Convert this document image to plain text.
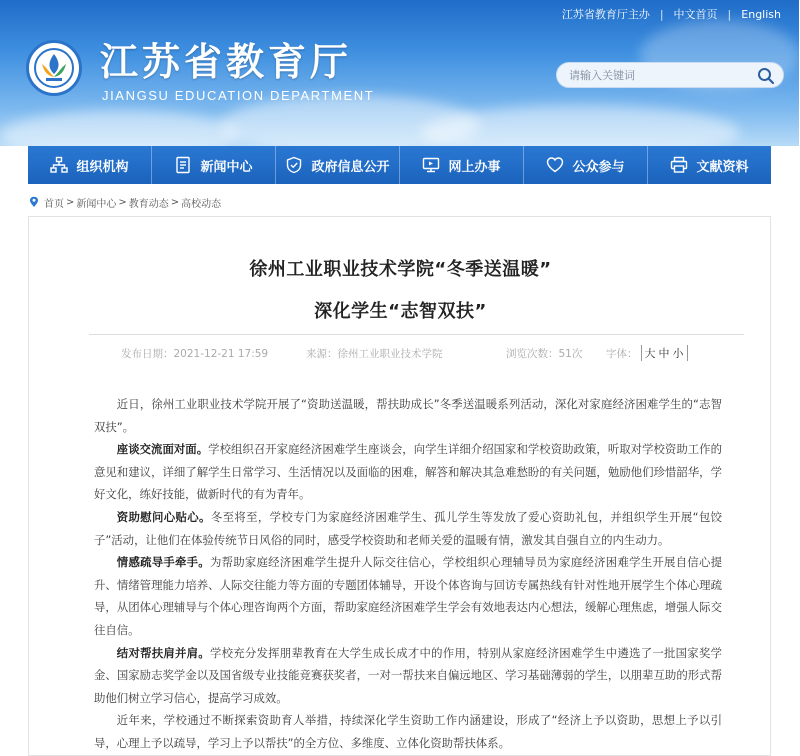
江苏省教育厅主办 | 中文首页 | English
江苏省教育厅
JIANGSU EDUCATION DEPARTMENT
请输入关键词
组织机构	新闻中心	政府信息公开	网上办事	公众参与	文献资料
首页 > 新闻中心 > 教育动态 > 高校动态
徐州工业职业技术学院“冬季送温暖”
深化学生“志智双扶”
发布日期：2021-12-21 17:59	来源：徐州工业职业技术学院	浏览次数：51次	字体： 大 中 小

近日，徐州工业职业技术学院开展了“资助送温暖，帮扶助成长”冬季送温暖系列活动，深化对家庭经济困难学生的“志智双扶”。

座谈交流面对面。学校组织召开家庭经济困难学生座谈会，向学生详细介绍国家和学校资助政策，听取对学校资助工作的意见和建议，详细了解学生日常学习、生活情况以及面临的困难，解答和解决其急难愁盼的有关问题，勉励他们珍惜韶华，学好文化，练好技能，做新时代的有为青年。

资助慰问心贴心。冬至将至，学校专门为家庭经济困难学生、孤儿学生等发放了爱心资助礼包，并组织学生开展“包饺子”活动，让他们在体验传统节日风俗的同时，感受学校资助和老师关爱的温暖有情，激发其自强自立的内生动力。

情感疏导手牵手。为帮助家庭经济困难学生提升人际交往信心，学校组织心理辅导员为家庭经济困难学生开展自信心提升、情绪管理能力培养、人际交往能力等方面的专题团体辅导，开设个体咨询与回访专属热线有针对性地开展学生个体心理疏导，从团体心理辅导与个体心理咨询两个方面，帮助家庭经济困难学生学会有效地表达内心想法，缓解心理焦虑，增强人际交往自信。

结对帮扶肩并肩。学校充分发挥朋辈教育在大学生成长成才中的作用，特别从家庭经济困难学生中遴选了一批国家奖学金、国家励志奖学金以及国省级专业技能竞赛获奖者，一对一帮扶来自偏远地区、学习基础薄弱的学生，以朋辈互助的形式帮助他们树立学习信心，提高学习成效。

近年来，学校通过不断探索资助育人举措，持续深化学生资助工作内涵建设，形成了“经济上予以资助，思想上予以引导，心理上予以疏导，学习上予以帮扶”的全方位、多维度、立体化资助帮扶体系。
